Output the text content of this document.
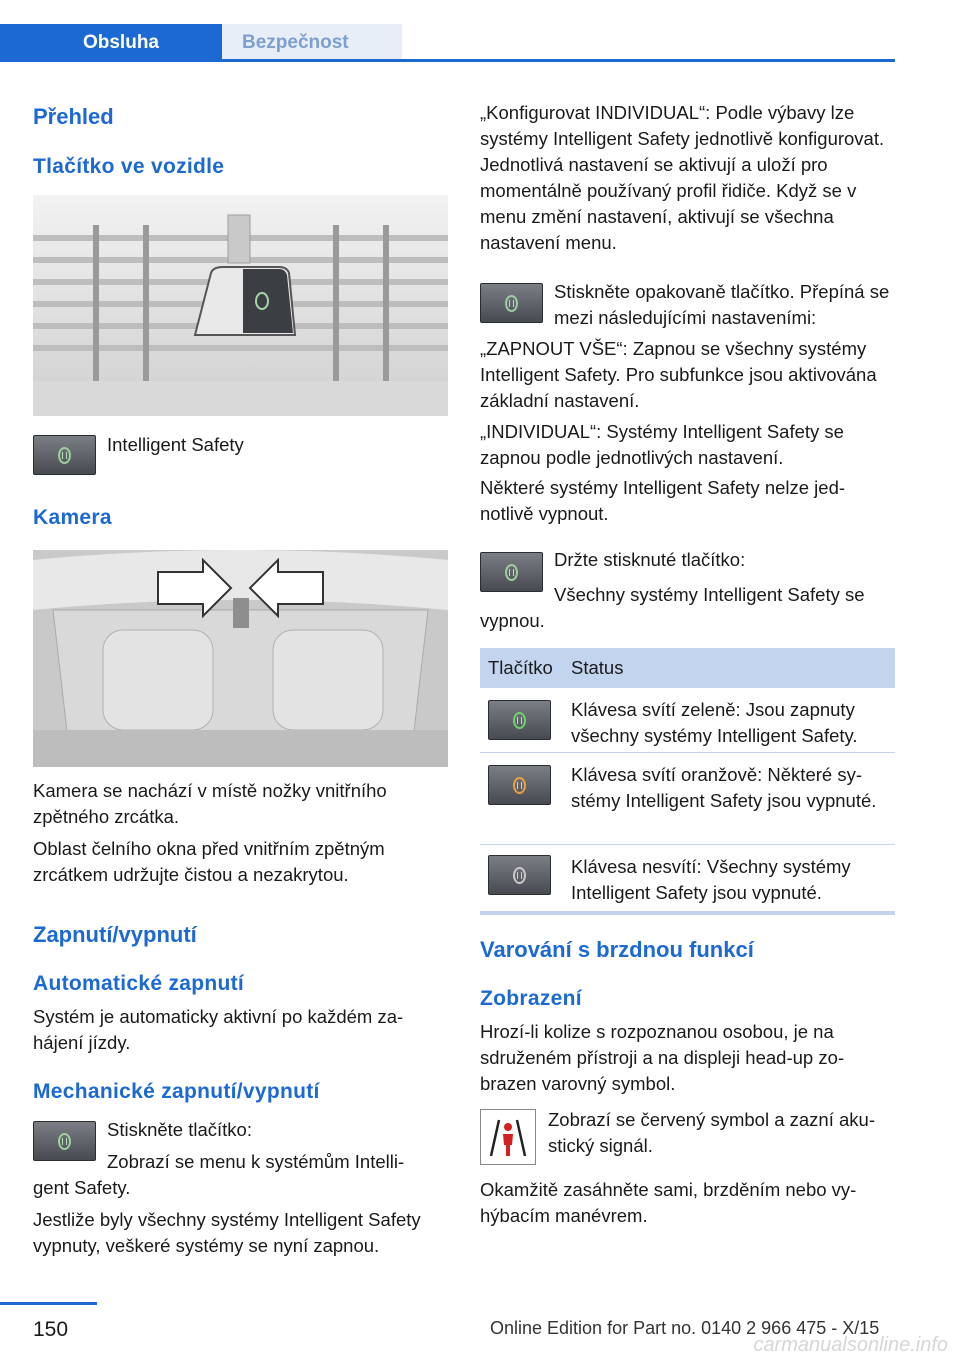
Obsluha	Bezpečnost
Přehled
Tlačítko ve vozidle
Intelligent Safety
Kamera
Kamera se nachází v místě nožky vnitřního zpětného zrcátka.
Oblast čelního okna před vnitřním zpětným zrcátkem udržujte čistou a nezakrytou.
Zapnutí/vypnutí
Automatické zapnutí
Systém je automaticky aktivní po každém zahájení jízdy.
Mechanické zapnutí/vypnutí
Stiskněte tlačítko:
Zobrazí se menu k systémům Intelligent Safety.
Jestliže byly všechny systémy Intelligent Safety vypnuty, veškeré systémy se nyní zapnou.
„Konfigurovat INDIVIDUAL“: Podle výbavy lze systémy Intelligent Safety jednotlivě konfigurovat. Jednotlivá nastavení se aktivují a uloží pro momentálně používaný profil řidiče. Když se v menu změní nastavení, aktivují se všechna nastavení menu.
Stiskněte opakovaně tlačítko. Přepíná se mezi následujícími nastaveními:
„ZAPNOUT VŠE“: Zapnou se všechny systémy Intelligent Safety. Pro subfunkce jsou aktivována základní nastavení.
„INDIVIDUAL“: Systémy Intelligent Safety se zapnou podle jednotlivých nastavení.
Některé systémy Intelligent Safety nelze jednotlivě vypnout.
Držte stisknuté tlačítko:
Všechny systémy Intelligent Safety se vypnou.
Tlačítko Status
Klávesa svítí zeleně: Jsou zapnuty všechny systémy Intelligent Safety.
Klávesa svítí oranžově: Některé systémy Intelligent Safety jsou vypnuté.
Klávesa nesvítí: Všechny systémy Intelligent Safety jsou vypnuté.
Varování s brzdnou funkcí
Zobrazení
Hrozí-li kolize s rozpoznanou osobou, je na sdruženém přístroji a na displeji head-up zobrazen varovný symbol.
Zobrazí se červený symbol a zazní akustický signál.
Okamžitě zasáhněte sami, brzděním nebo vyhýbacím manévrem.
150	Online Edition for Part no. 0140 2 966 475 - X/15
carmanualsonline.info
